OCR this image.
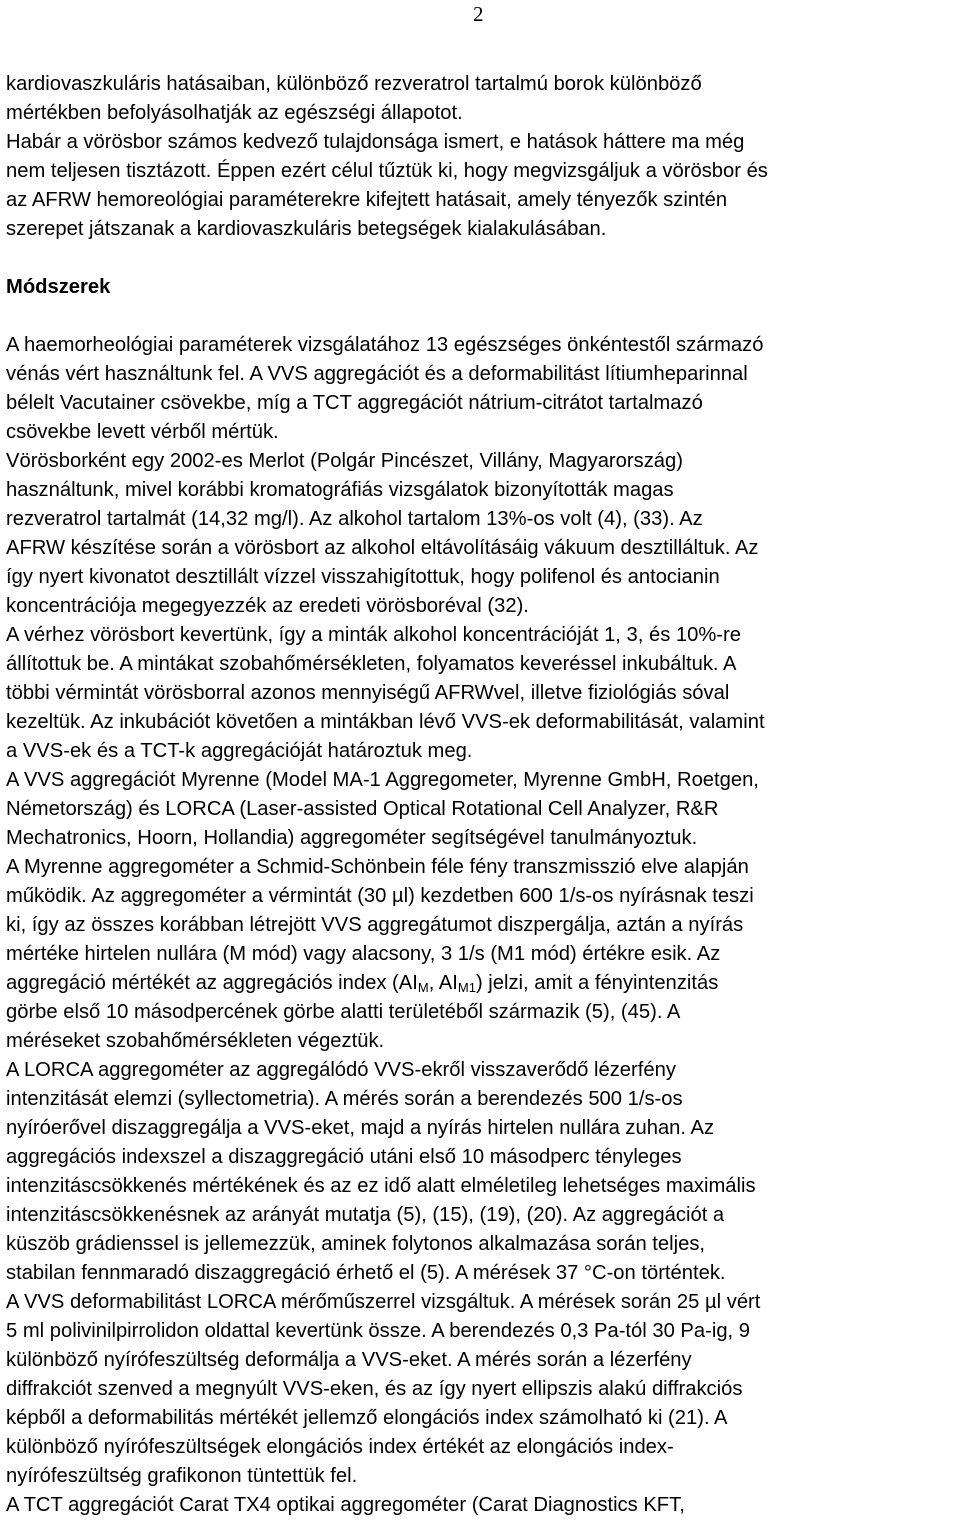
2
kardiovaszkuláris hatásaiban, különböző rezveratrol tartalmú borok különböző
mértékben befolyásolhatják az egészségi állapotot.
Habár a vörösbor számos kedvező tulajdonsága ismert, e hatások háttere ma még
nem teljesen tisztázott. Éppen ezért célul tűztük ki, hogy megvizsgáljuk a vörösbor és
az AFRW hemoreológiai paraméterekre kifejtett hatásait, amely tényezők szintén
szerepet játszanak a kardiovaszkuláris betegségek kialakulásában.
Módszerek
A haemorheológiai paraméterek vizsgálatához 13 egészséges önkéntestől származó
vénás vért használtunk fel. A VVS aggregációt és a deformabilitást lítiumheparinnal
bélelt Vacutainer csövekbe, míg a TCT aggregációt nátrium-citrátot tartalmazó
csövekbe levett vérből mértük.
Vörösborként egy 2002-es Merlot (Polgár Pincészet, Villány, Magyarország)
használtunk, mivel korábbi kromatográfiás vizsgálatok bizonyították magas
rezveratrol tartalmát (14,32 mg/l). Az alkohol tartalom 13%-os volt (4), (33). Az
AFRW készítése során a vörösbort az alkohol eltávolításáig vákuum desztilláltuk. Az
így nyert kivonatot desztillált vízzel visszahigítottuk, hogy polifenol és antocianin
koncentrációja megegyezzék az eredeti vörösboréval (32).
A vérhez vörösbort kevertünk, így a minták alkohol koncentrációját 1, 3, és 10%-re
állítottuk be. A mintákat szobahőmérsékleten, folyamatos keveréssel inkubáltuk. A
többi vérmintát vörösborral azonos mennyiségű AFRWvel, illetve fiziológiás sóval
kezeltük. Az inkubációt követően a mintákban lévő VVS-ek deformabilitását, valamint
a VVS-ek és a TCT-k aggregációját határoztuk meg.
A VVS aggregációt Myrenne (Model MA-1 Aggregometer, Myrenne GmbH, Roetgen,
Németország) és LORCA (Laser-assisted Optical Rotational Cell Analyzer, R&R
Mechatronics, Hoorn, Hollandia) aggregométer segítségével tanulmányoztuk.
A Myrenne aggregométer a Schmid-Schönbein féle fény transzmisszió elve alapján
működik. Az aggregométer a vérmintát (30 µl) kezdetben 600 1/s-os nyírásnak teszi
ki, így az összes korábban létrejött VVS aggregátumot diszpergálja, aztán a nyírás
mértéke hirtelen nullára (M mód) vagy alacsony, 3 1/s (M1 mód) értékre esik. Az
aggregáció mértékét az aggregációs index ($AI_M$, $AI_{M1}$) jelzi, amit a fényintenzitás
görbe első 10 másodpercének görbe alatti területéből származik (5), (45). A
méréseket szobahőmérsékleten végeztük.
A LORCA aggregométer az aggregálódó VVS-ekről visszaverődő lézerfény
intenzitását elemzi (syllectometria). A mérés során a berendezés 500 1/s-os
nyíróerővel diszaggregálja a VVS-eket, majd a nyírás hirtelen nullára zuhan. Az
aggregációs indexszel a diszaggregáció utáni első 10 másodperc tényleges
intenzitáscsökkenés mértékének és az ez idő alatt elméletileg lehetséges maximális
intenzitáscsökkenésnek az arányát mutatja (5), (15), (19), (20). Az aggregációt a
küszöb grádienssel is jellemezzük, aminek folytonos alkalmazása során teljes,
stabilan fennmaradó diszaggregáció érhető el (5). A mérések 37 °C-on történtek.
A VVS deformabilitást LORCA mérőműszerrel vizsgáltuk. A mérések során 25 µl vért
5 ml polivinilpirrolidon oldattal kevertünk össze. A berendezés 0,3 Pa-tól 30 Pa-ig, 9
különböző nyírófeszültség deformálja a VVS-eket. A mérés során a lézerfény
diffrakciót szenved a megnyúlt VVS-eken, és az így nyert ellipszis alakú diffrakciós
képből a deformabilitás mértékét jellemző elongációs index számolható ki (21). A
különböző nyírófeszültségek elongációs index értékét az elongációs index-
nyírófeszültség grafikonon tüntettük fel.
A TCT aggregációt Carat TX4 optikai aggregométer (Carat Diagnostics KFT,
